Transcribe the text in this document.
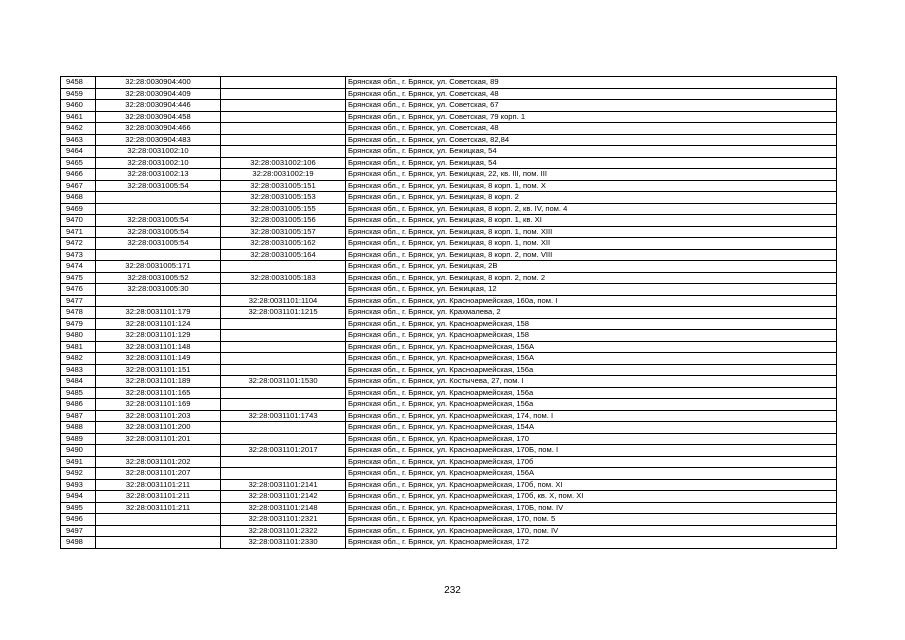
9458	32:28:0030904:400		Брянская обл., г. Брянск, ул. Советская, 89
9459	32:28:0030904:409		Брянская обл., г. Брянск, ул. Советская, 48
9460	32:28:0030904:446		Брянская обл., г. Брянск, ул. Советская, 67
9461	32:28:0030904:458		Брянская обл., г. Брянск, ул. Советская, 79 корп. 1
9462	32:28:0030904:466		Брянская обл., г. Брянск, ул. Советская, 48
9463	32:28:0030904:483		Брянская обл., г. Брянск, ул. Советская, 82,84
9464	32:28:0031002:10		Брянская обл., г. Брянск, ул. Бежицкая, 54
9465	32:28:0031002:10	32:28:0031002:106	Брянская обл., г. Брянск, ул. Бежицкая, 54
9466	32:28:0031002:13	32:28:0031002:19	Брянская обл., г. Брянск, ул. Бежицкая, 22, кв. III, пом. III
9467	32:28:0031005:54	32:28:0031005:151	Брянская обл., г. Брянск, ул. Бежицкая, 8 корп. 1, пом. X
9468		32:28:0031005:153	Брянская обл., г. Брянск, ул. Бежицкая, 8 корп. 2
9469		32:28:0031005:155	Брянская обл., г. Брянск, ул. Бежицкая, 8 корп. 2, кв. IV, пом. 4
9470	32:28:0031005:54	32:28:0031005:156	Брянская обл., г. Брянск, ул. Бежицкая, 8 корп. 1, кв. XI
9471	32:28:0031005:54	32:28:0031005:157	Брянская обл., г. Брянск, ул. Бежицкая, 8 корп. 1, пом. XIII
9472	32:28:0031005:54	32:28:0031005:162	Брянская обл., г. Брянск, ул. Бежицкая, 8 корп. 1, пом. XII
9473		32:28:0031005:164	Брянская обл., г. Брянск, ул. Бежицкая, 8 корп. 2, пом. VIII
9474	32:28:0031005:171		Брянская обл., г. Брянск, ул. Бежицкая, 2В
9475	32:28:0031005:52	32:28:0031005:183	Брянская обл., г. Брянск, ул. Бежицкая, 8 корп. 2, пом. 2
9476	32:28:0031005:30		Брянская обл., г. Брянск, ул. Бежицкая, 12
9477		32:28:0031101:1104	Брянская обл., г. Брянск, ул. Красноармейская, 160а, пом. I
9478	32:28:0031101:179	32:28:0031101:1215	Брянская обл., г. Брянск, ул. Крахмалева, 2
9479	32:28:0031101:124		Брянская обл., г. Брянск, ул. Красноармейская, 158
9480	32:28:0031101:129		Брянская обл., г. Брянск, ул. Красноармейская, 158
9481	32:28:0031101:148		Брянская обл., г. Брянск, ул. Красноармейская, 156А
9482	32:28:0031101:149		Брянская обл., г. Брянск, ул. Красноармейская, 156А
9483	32:28:0031101:151		Брянская обл., г. Брянск, ул. Красноармейская, 156а
9484	32:28:0031101:189	32:28:0031101:1530	Брянская обл., г. Брянск, ул. Костычева, 27, пом. I
9485	32:28:0031101:165		Брянская обл., г. Брянск, ул. Красноармейская, 156а
9486	32:28:0031101:169		Брянская обл., г. Брянск, ул. Красноармейская, 156а
9487	32:28:0031101:203	32:28:0031101:1743	Брянская обл., г. Брянск, ул. Красноармейская, 174, пом. I
9488	32:28:0031101:200		Брянская обл., г. Брянск, ул. Красноармейская, 154А
9489	32:28:0031101:201		Брянская обл., г. Брянск, ул. Красноармейская, 170
9490		32:28:0031101:2017	Брянская обл., г. Брянск, ул. Красноармейская, 170Б, пом. I
9491	32:28:0031101:202		Брянская обл., г. Брянск, ул. Красноармейская, 170б
9492	32:28:0031101:207		Брянская обл., г. Брянск, ул. Красноармейская, 156А
9493	32:28:0031101:211	32:28:0031101:2141	Брянская обл., г. Брянск, ул. Красноармейская, 170б, пом. XI
9494	32:28:0031101:211	32:28:0031101:2142	Брянская обл., г. Брянск, ул. Красноармейская, 170б, кв. X, пом. XI
9495	32:28:0031101:211	32:28:0031101:2148	Брянская обл., г. Брянск, ул. Красноармейская, 170Б, пом. IV
9496		32:28:0031101:2321	Брянская обл., г. Брянск, ул. Красноармейская, 170, пом. 5
9497		32:28:0031101:2322	Брянская обл., г. Брянск, ул. Красноармейская, 170, пом. IV
9498		32:28:0031101:2330	Брянская обл., г. Брянск, ул. Красноармейская, 172
232
